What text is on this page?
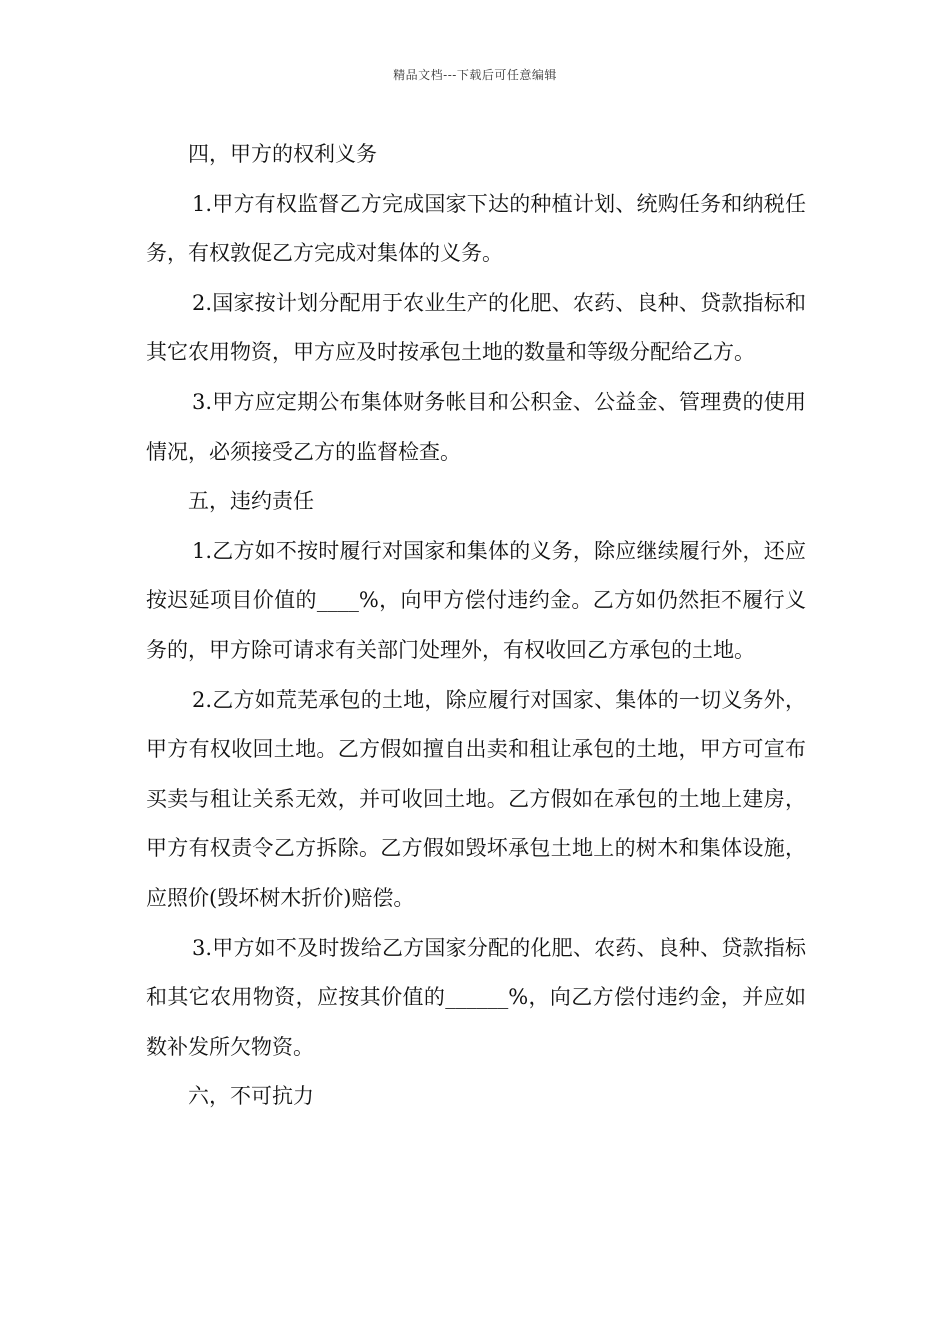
精品文档---下载后可任意编辑

四，甲方的权利义务

1.甲方有权监督乙方完成国家下达的种植计划、统购任务和纳税任务，有权敦促乙方完成对集体的义务。

2.国家按计划分配用于农业生产的化肥、农药、良种、贷款指标和其它农用物资，甲方应及时按承包土地的数量和等级分配给乙方。

3.甲方应定期公布集体财务帐目和公积金、公益金、管理费的使用情况，必须接受乙方的监督检查。

五，违约责任

1.乙方如不按时履行对国家和集体的义务，除应继续履行外，还应按迟延项目价值的____%，向甲方偿付违约金。乙方如仍然拒不履行义务的，甲方除可请求有关部门处理外，有权收回乙方承包的土地。

2.乙方如荒芜承包的土地，除应履行对国家、集体的一切义务外，甲方有权收回土地。乙方假如擅自出卖和租让承包的土地，甲方可宣布买卖与租让关系无效，并可收回土地。乙方假如在承包的土地上建房，甲方有权责令乙方拆除。乙方假如毁坏承包土地上的树木和集体设施，应照价(毁坏树木折价)赔偿。

3.甲方如不及时拨给乙方国家分配的化肥、农药、良种、贷款指标和其它农用物资，应按其价值的______%，向乙方偿付违约金，并应如数补发所欠物资。

六，不可抗力
